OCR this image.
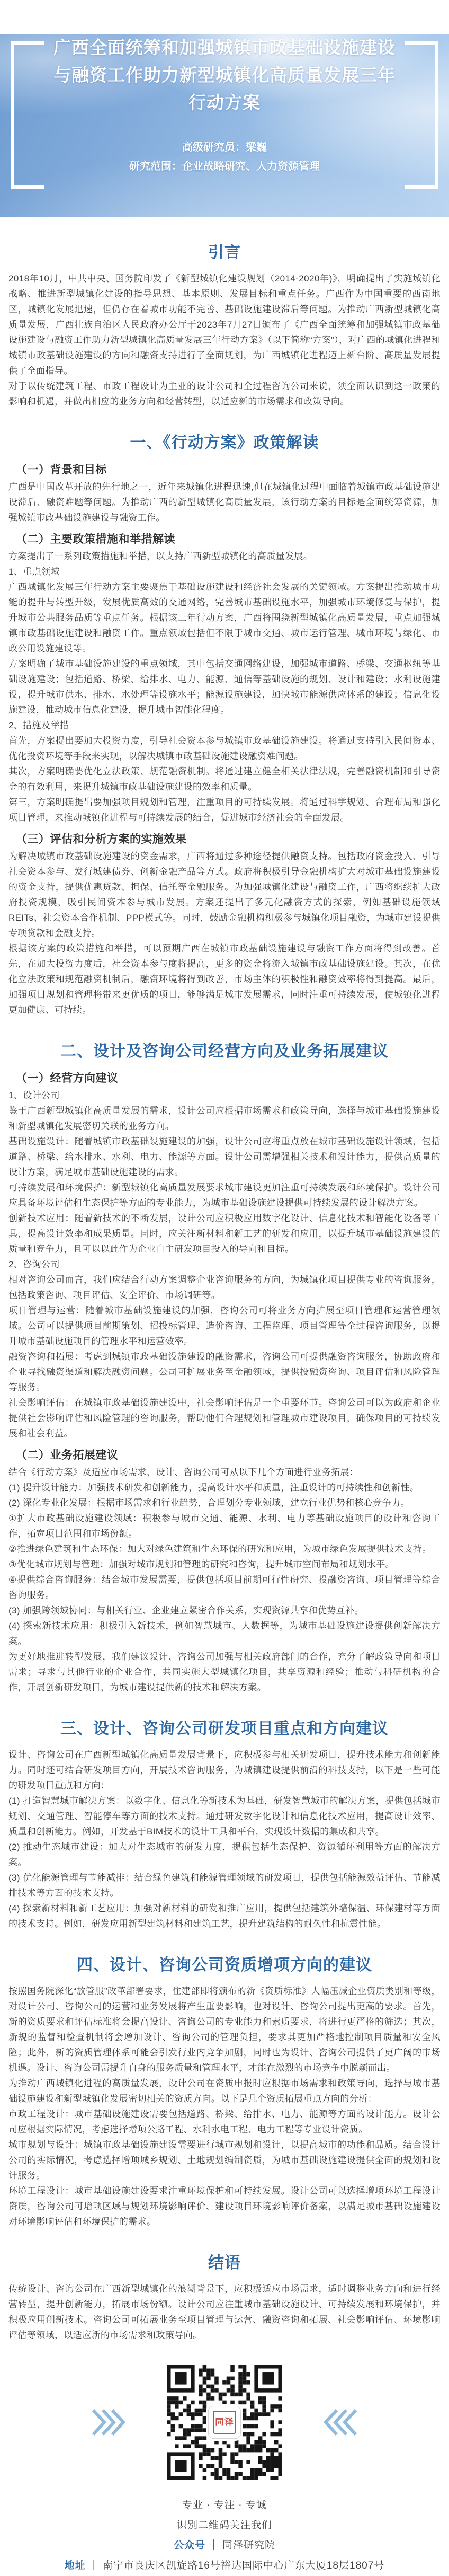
广西全面统筹和加强城镇市政基础设施建设与融资工作助力新型城镇化高质量发展三年行动方案
高级研究员：梁巍
研究范围：企业战略研究、人力资源管理
引言

2018年10月，中共中央、国务院印发了《新型城镇化建设规划（2014-2020年)》，明确提出了实施城镇化战略、推进新型城镇化建设的指导思想、基本原则、发展目标和重点任务。广西作为中国重要的西南地区，城镇化发展迅速，但仍存在着城市功能不完善、基础设施建设滞后等问题。为推动广西新型城镇化高质量发展，广西壮族自治区人民政府办公厅于2023年7月27日颁布了《广西全面统筹和加强城镇市政基础设施建设与融资工作助力新型城镇化高质量发展三年行动方案》（以下简称“方案”），对广西的城镇化进程和城镇市政基础设施建设的方向和融资支持进行了全面规划，为广西城镇化进程迈上新台阶、高质量发展提供了全面指导。

对于以传统建筑工程、市政工程设计为主业的设计公司和全过程咨询公司来说，须全面认识到这一政策的影响和机遇，并做出相应的业务方向和经营转型，以适应新的市场需求和政策导向。

一、《行动方案》政策解读
（一）背景和目标

广西是中国改革开放的先行地之一，近年来城镇化进程迅速,但在城镇化过程中面临着城镇市政基础设施建设滞后、融资难题等问题。为推动广西的新型城镇化高质量发展，该行动方案的目标是全面统筹资源，加强城镇市政基础设施建设与融资工作。

（二）主要政策措施和举措解读

方案提出了一系列政策措施和举措，以支持广西新型城镇化的高质量发展。

1、重点领域

广西城镇化发展三年行动方案主要聚焦于基础设施建设和经济社会发展的关键领域。方案提出推动城市功能的提升与转型升级，发展优质高效的交通网络，完善城市基础设施水平，加强城市环境修复与保护，提升城市公共服务品质等重点任务。根据该三年行动方案，广西将围绕新型城镇化高质量发展，重点加强城镇市政基础设施建设和融资工作。重点领域包括但不限于城市交通、城市运行管理、城市环境与绿化、市政公用设施建设等。

方案明确了城市基础设施建设的重点领域，其中包括交通网络建设，加强城市道路、桥梁、交通枢纽等基础设施建设；包括道路、桥梁、给排水、电力、能源、通信等基础设施的规划、设计和建设；水利设施建设，提升城市供水、排水、水处理等设施水平；能源设施建设，加快城市能源供应体系的建设；信息化设施建设，推动城市信息化建设，提升城市智能化程度。

2、措施及举措

首先，方案提出要加大投资力度，引导社会资本参与城镇市政基础设施建设。将通过支持引入民间资本、优化投资环境等手段来实现，以解决城镇市政基础设施建设融资难问题。

其次，方案明确要优化立法政策、规范融资机制。将通过建立健全相关法律法规，完善融资机制和引导资金的有效利用，来提升城镇市政基础设施建设的效率和质量。

第三，方案明确提出要加强项目规划和管理，注重项目的可持续发展。将通过科学规划、合理布局和强化项目管理，来推动城镇化进程与可持续发展的结合，促进城市经济社会的全面发展。

（三）评估和分析方案的实施效果

为解决城镇市政基础设施建设的资金需求，广西将通过多种途径提供融资支持。包括政府资金投入、引导社会资本参与、发行城建债券、创新金融产品等方式。政府将积极引导金融机构扩大对城市基础设施建设的资金支持，提供优惠贷款、担保、信托等金融服务。为加强城镇化建设与融资工作，广西将继续扩大政府投资规模，吸引民间资本参与城市发展。方案还提出了多元化融资方式的探索，例如基础设施领域REITs、社会资本合作机制、PPP模式等。同时，鼓励金融机构积极参与城镇化项目融资，为城市建设提供专项贷款和金融支持。

根据该方案的政策措施和举措，可以预期广西在城镇市政基础设施建设与融资工作方面将得到改善。首先，在加大投资力度后，社会资本参与度将提高，更多的资金将流入城镇市政基础设施建设。其次，在优化立法政策和规范融资机制后，融资环境将得到改善，市场主体的积极性和融资效率将得到提高。最后，加强项目规划和管理将带来更优质的项目，能够满足城市发展需求，同时注重可持续发展，使城镇化进程更加健康、可持续。

二、设计及咨询公司经营方向及业务拓展建议
（一）经营方向建议

1、设计公司

鉴于广西新型城镇化高质量发展的需求，设计公司应根据市场需求和政策导向，选择与城市基础设施建设和新型城镇化发展密切关联的业务方向。

基础设施设计：随着城镇市政基础设施建设的加强，设计公司应将重点放在城市基础设施设计领域，包括道路、桥梁、给水排水、水利、电力、能源等方面。设计公司需增强相关技术和设计能力，提供高质量的设计方案，满足城市基础设施建设的需求。

可持续发展和环境保护：新型城镇化高质量发展要求城市建设更加注重可持续发展和环境保护。设计公司应具备环境评估和生态保护等方面的专业能力，为城市基础设施建设提供可持续发展的设计解决方案。

创新技术应用：随着新技术的不断发展，设计公司应积极应用数字化设计、信息化技术和智能化设备等工具，提高设计效率和成果质量。同时，应关注新材料和新工艺的研发和应用，以提升城市基础设施建设的质量和竞争力，且可以以此作为企业自主研发项目投入的导向和目标。

2、咨询公司

相对咨询公司而言，我们应结合行动方案调整企业咨询服务的方向，为城镇化项目提供专业的咨询服务，包括政策咨询、项目评估、安全评价、市场调研等。

项目管理与运营：随着城市基础设施建设的加强，咨询公司可将业务方向扩展至项目管理和运营管理领域。公司可以提供项目前期策划、招投标管理、造价咨询、工程监理、项目管理等全过程咨询服务，以提升城市基础设施项目的管理水平和运营效率。

融资咨询和拓展：考虑到城镇市政基础设施建设的融资需求，咨询公司可提供融资咨询服务，协助政府和企业寻找融资渠道和解决融资问题。公司可扩展业务至金融领域，提供投融资咨询、项目评估和风险管理等服务。

社会影响评估：在城镇市政基础设施建设中，社会影响评估是一个重要环节。咨询公司可以为政府和企业提供社会影响评估和风险管理的咨询服务，帮助他们合理规划和管理城市建设项目，确保项目的可持续发展和社会利益。

（二）业务拓展建议

结合《行动方案》及适应市场需求，设计、咨询公司可从以下几个方面进行业务拓展：

(1) 提升设计能力：加强技术研发和创新能力，提高设计水平和质量，注重设计的可持续性和创新性。

(2) 深化专业化发展：根据市场需求和行业趋势，合理划分专业领域，建立行业优势和核心竞争力。

①扩大市政基础设施建设领域：积极参与城市交通、能源、水利、电力等基础设施项目的设计和咨询工作，拓宽项目范围和市场份额。

②推进绿色建筑和生态环保：加大对绿色建筑和生态环保的研究和应用，为城市绿色发展提供技术支持。

③优化城市规划与管理：加强对城市规划和管理的研究和咨询，提升城市空间布局和规划水平。

④提供综合咨询服务：结合城市发展需要，提供包括项目前期可行性研究、投融资咨询、项目管理等综合咨询服务。

(3) 加强跨领域协同：与相关行业、企业建立紧密合作关系，实现资源共享和优势互补。

(4) 探索新技术应用：积极引入新技术，例如智慧城市、大数据等，为城市基础设施建设提供创新解决方案。

为更好地推进转型发展，我们建议设计、咨询公司加强与相关政府部门的合作，充分了解政策导向和项目需求；寻求与其他行业的企业合作，共同实施大型城镇化项目，共享资源和经验；推动与科研机构的合作，开展创新研发项目，为城市建设提供新的技术和解决方案。

三、设计、咨询公司研发项目重点和方向建议

设计、咨询公司在广西新型城镇化高质量发展背景下，应积极参与相关研发项目，提升技术能力和创新能力。同时还可结合研发项目方向，开展技术咨询服务，为城镇建设提供前沿的科技支持，以下是一些可能的研发项目重点和方向：

(1) 打造智慧城市解决方案：以数字化、信息化等新技术为基础，研发智慧城市的解决方案，提供包括城市规划、交通管理、智能停车等方面的技术支持。通过研发数字化设计和信息化技术应用，提高设计效率、质量和创新能力。例如，开发基于BIM技术的设计工具和平台，实现设计数据的集成和共享。

(2) 推动生态城市建设：加大对生态城市的研发力度，提供包括生态保护、资源循环利用等方面的解决方案。

(3) 优化能源管理与节能减排：结合绿色建筑和能源管理领域的研发项目，提供包括能源效益评估、节能减排技术等方面的技术支持。

(4) 探索新材料和新工艺应用：加强对新材料的研发和推广应用，提供包括建筑外墙保温、环保建材等方面的技术支持。例如，研发应用新型建筑材料和建筑工艺，提升建筑结构的耐久性和抗震性能。

四、设计、咨询公司资质增项方向的建议

按照国务院深化“放管服”改革部署要求，住建部即将颁布的新《资质标准》大幅压减企业资质类别和等级，对设计公司、咨询公司的运营和业务发展将产生重要影响，也对设计、咨询公司提出更高的要求。首先，新的资质要求和评估标准将会提高设计、咨询公司的专业能力和素质要求，将进行更严格的筛选；其次，新规的监督和检查机制将会增加设计、咨询公司的管理负担，要求其更加严格地控制项目质量和安全风险；此外，新的资质管理体系可能会引发行业内竞争加剧，同时也为设计、咨询公司提供了更广阔的市场机遇。设计、咨询公司需提升自身的服务质量和管理水平，才能在激烈的市场竞争中脱颖而出。

为推动广西城镇化进程的高质量发展，设计公司在资质申报时应根据市场需求和政策导向，选择与城市基础设施建设和新型城镇化发展密切相关的资质方向。以下是几个资质拓展重点方向的分析：

市政工程设计：城市基础设施建设需要包括道路、桥梁、给排水、电力、能源等方面的设计能力。设计公司应根据实际情况，考虑选择增项公路工程、水利水电工程、电力工程等专业设计资质。

城市规划与设计：城镇市政基础设施建设需要进行城市规划和设计，以提高城市的功能和品质。结合设计公司的实际情况，考虑选择增项城乡规划、土地规划编制资质，为城市基础设施建设提供全面的规划和设计服务。

环境工程设计：城市基础设施建设要求注重环境保护和可持续发展。设计公司可以选择增项环境工程设计资质，咨询公司可增项区域与规划环境影响评价、建设项目环境影响评价备案，以满足城市基础设施建设对环境影响评估和环境保护的需求。

结语

传统设计、咨询公司在广西新型城镇化的浪潮背景下，应积极适应市场需求，适时调整业务方向和进行经营转型，提升创新能力，拓展市场份额。设计公司应注重城市基础设施设计、可持续发展和环境保护，并积极应用创新技术。咨询公司可拓展业务至项目管理与运营、融资咨询和拓展、社会影响评估、环境影响评估等领域，以适应新的市场需求和政策导向。

同泽
专业 · 专注 · 专诚
识别二维码关注我们
公众号 ｜ 同泽研究院
地址 ｜ 南宁市良庆区凯旋路16号裕达国际中心广东大厦18层1807号
